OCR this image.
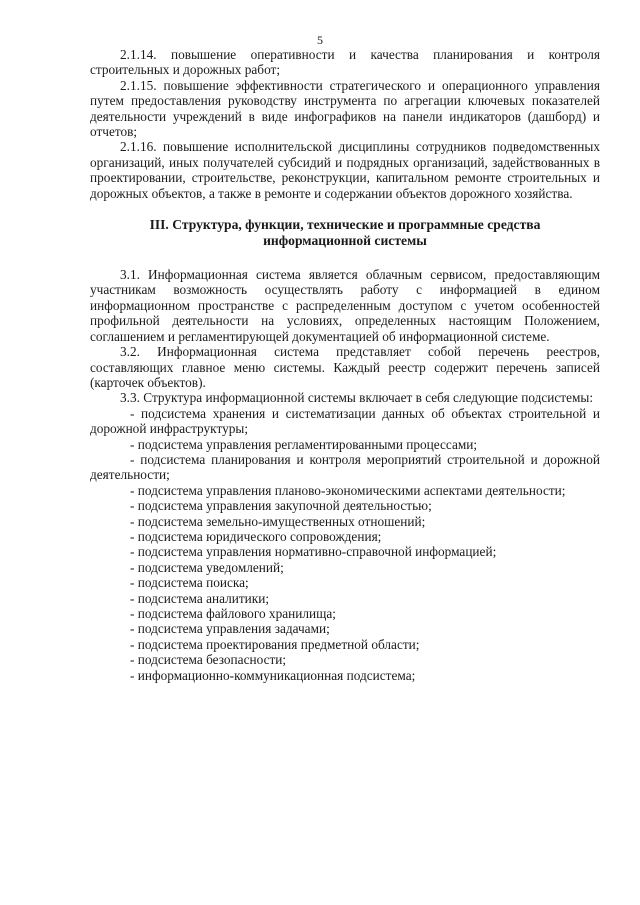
5

2.1.14. повышение оперативности и качества планирования и контроля строительных и дорожных работ;

2.1.15. повышение эффективности стратегического и операционного управления путем предоставления руководству инструмента по агрегации ключевых показателей деятельности учреждений в виде инфографиков на панели индикаторов (дашборд) и отчетов;

2.1.16. повышение исполнительской дисциплины сотрудников подведомственных организаций, иных получателей субсидий и подрядных организаций, задействованных в проектировании, строительстве, реконструкции, капитальном ремонте строительных и дорожных объектов, а также в ремонте и содержании объектов дорожного хозяйства.

III. Структура, функции, технические и программные средства информационной системы

3.1. Информационная система является облачным сервисом, предоставляющим участникам возможность осуществлять работу с информацией в едином информационном пространстве с распределенным доступом с учетом особенностей профильной деятельности на условиях, определенных настоящим Положением, соглашением и регламентирующей документацией об информационной системе.

3.2. Информационная система представляет собой перечень реестров, составляющих главное меню системы. Каждый реестр содержит перечень записей (карточек объектов).

3.3. Структура информационной системы включает в себя следующие подсистемы:

- подсистема хранения и систематизации данных об объектах строительной и дорожной инфраструктуры;

- подсистема управления регламентированными процессами;

- подсистема планирования и контроля мероприятий строительной и дорожной деятельности;

- подсистема управления планово-экономическими аспектами деятельности;

- подсистема управления закупочной деятельностью;

- подсистема земельно-имущественных отношений;

- подсистема юридического сопровождения;

- подсистема управления нормативно-справочной информацией;

- подсистема уведомлений;

- подсистема поиска;

- подсистема аналитики;

- подсистема файлового хранилища;

- подсистема управления задачами;

- подсистема проектирования предметной области;

- подсистема безопасности;

- информационно-коммуникационная подсистема;
